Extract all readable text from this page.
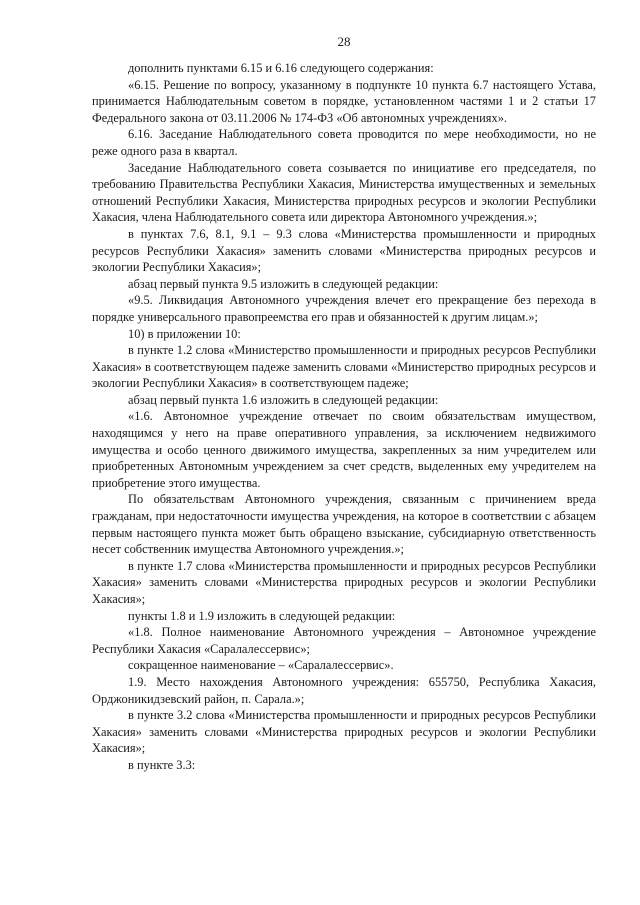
28

дополнить пунктами 6.15 и 6.16 следующего содержания:

«6.15. Решение по вопросу, указанному в подпункте 10 пункта 6.7 настоящего Устава, принимается Наблюдательным советом в порядке, установленном частями 1 и 2 статьи 17 Федерального закона от 03.11.2006 № 174-ФЗ «Об автономных учреждениях».

6.16. Заседание Наблюдательного совета проводится по мере необходимости, но не реже одного раза в квартал.

Заседание Наблюдательного совета созывается по инициативе его председателя, по требованию Правительства Республики Хакасия, Министерства имущественных и земельных отношений Республики Хакасия, Министерства природных ресурсов и экологии Республики Хакасия, члена Наблюдательного совета или директора Автономного учреждения.»;

в пунктах 7.6, 8.1, 9.1 – 9.3 слова «Министерства промышленности и природных ресурсов Республики Хакасия» заменить словами «Министерства природных ресурсов и экологии Республики Хакасия»;

абзац первый пункта 9.5 изложить в следующей редакции:

«9.5. Ликвидация Автономного учреждения влечет его прекращение без перехода в порядке универсального правопреемства его прав и обязанностей к другим лицам.»;

10) в приложении 10:

в пункте 1.2 слова «Министерство промышленности и природных ресурсов Республики Хакасия» в соответствующем падеже заменить словами «Министерство природных ресурсов и экологии Республики Хакасия» в соответствующем падеже;

абзац первый пункта 1.6 изложить в следующей редакции:

«1.6. Автономное учреждение отвечает по своим обязательствам имуществом, находящимся у него на праве оперативного управления, за исключением недвижимого имущества и особо ценного движимого имущества, закрепленных за ним учредителем или приобретенных Автономным учреждением за счет средств, выделенных ему учредителем на приобретение этого имущества.

По обязательствам Автономного учреждения, связанным с причинением вреда гражданам, при недостаточности имущества учреждения, на которое в соответствии с абзацем первым настоящего пункта может быть обращено взыскание, субсидиарную ответственность несет собственник имущества Автономного учреждения.»;

в пункте 1.7 слова «Министерства промышленности и природных ресурсов Республики Хакасия» заменить словами «Министерства природных ресурсов и экологии Республики Хакасия»;

пункты 1.8 и 1.9 изложить в следующей редакции:

«1.8. Полное наименование Автономного учреждения – Автономное учреждение Республики Хакасия «Саралалессервис»;

сокращенное наименование – «Саралалессервис».

1.9. Место нахождения Автономного учреждения: 655750, Республика Хакасия, Орджоникидзевский район, п. Сарала.»;

в пункте 3.2 слова «Министерства промышленности и природных ресурсов Республики Хакасия» заменить словами «Министерства природных ресурсов и экологии Республики Хакасия»;

в пункте 3.3:
